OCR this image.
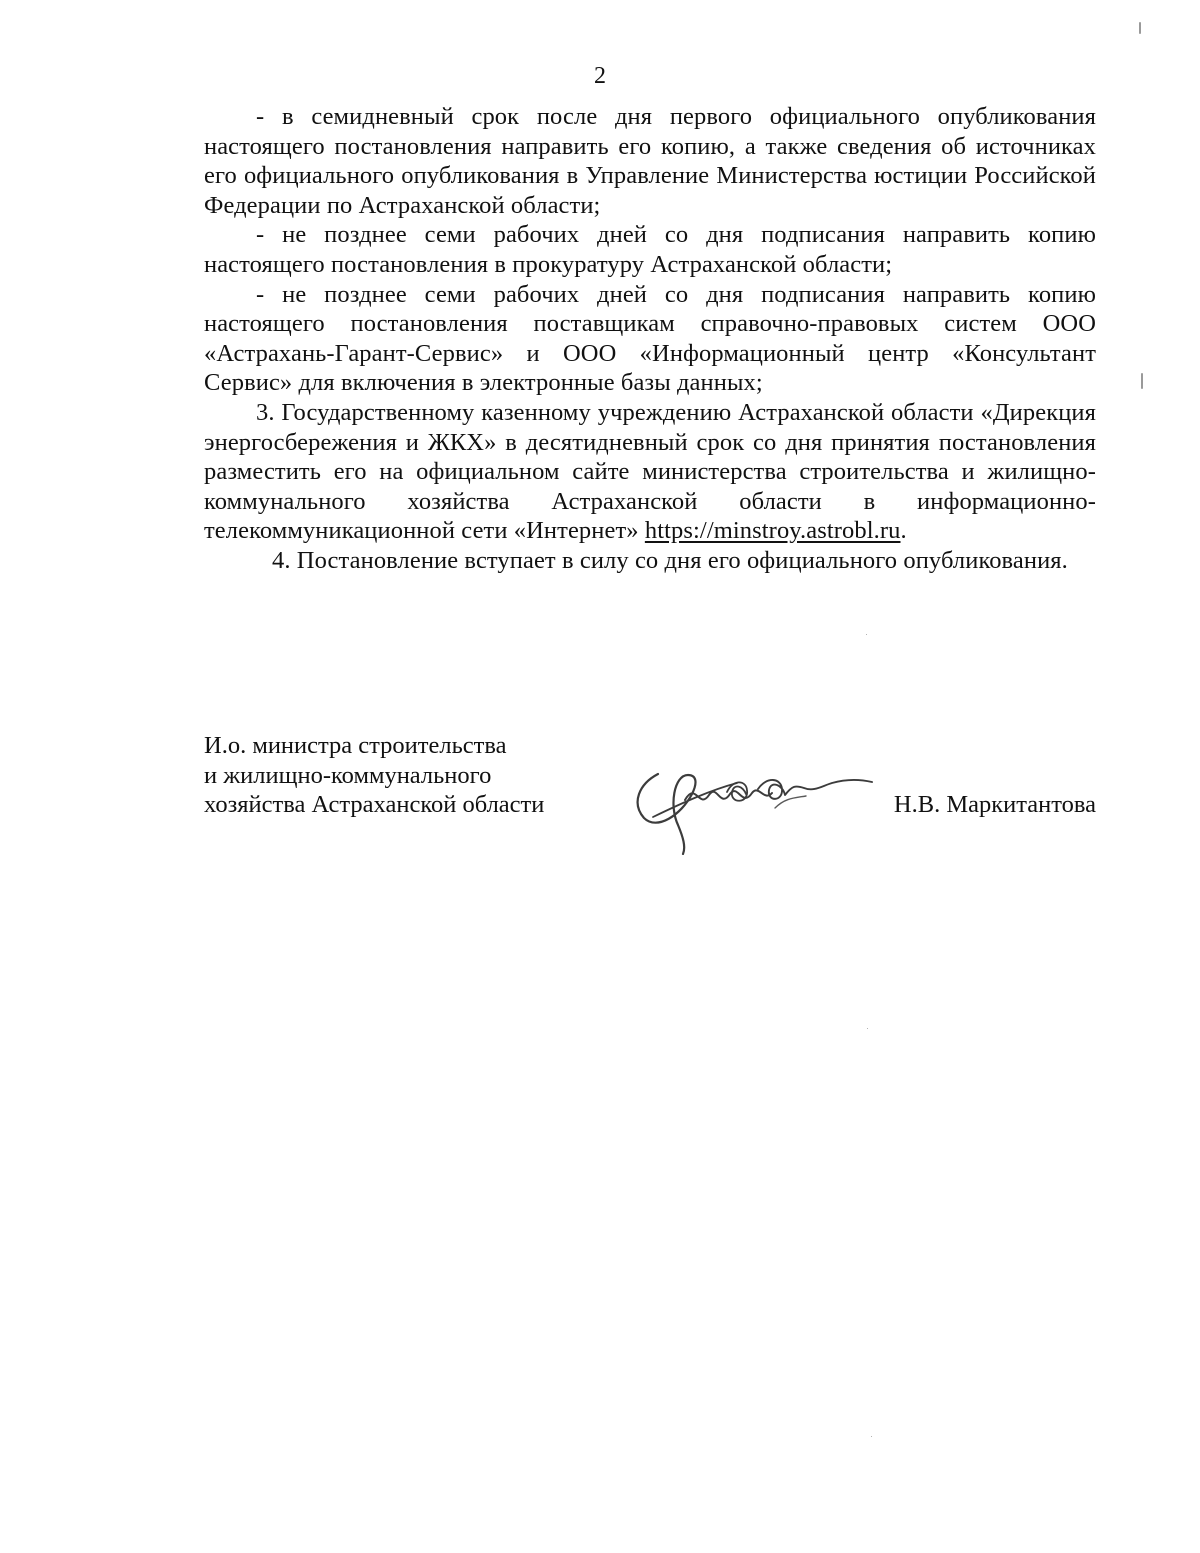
2

- в семидневный срок после дня первого официального опубликования настоящего постановления направить его копию, а также сведения об источниках его официального опубликования в Управление Министерства юстиции Российской Федерации по Астраханской области;

- не позднее семи рабочих дней со дня подписания направить копию настоящего постановления в прокуратуру Астраханской области;

- не позднее семи рабочих дней со дня подписания направить копию настоящего постановления поставщикам справочно-правовых систем ООО «Астрахань-Гарант-Сервис» и ООО «Информационный центр «Консультант Сервис» для включения в электронные базы данных;

3. Государственному казенному учреждению Астраханской области «Дирекция энергосбережения и ЖКХ» в десятидневный срок со дня принятия постановления разместить его на официальном сайте министерства строительства и жилищно-коммунального хозяйства Астраханской области в информационно-телекоммуникационной сети «Интернет» https://minstroy.astrobl.ru.

4. Постановление вступает в силу со дня его официального опубликования.

И.о. министра строительства
и жилищно-коммунального
хозяйства Астраханской области	Н.В. Маркитантова
